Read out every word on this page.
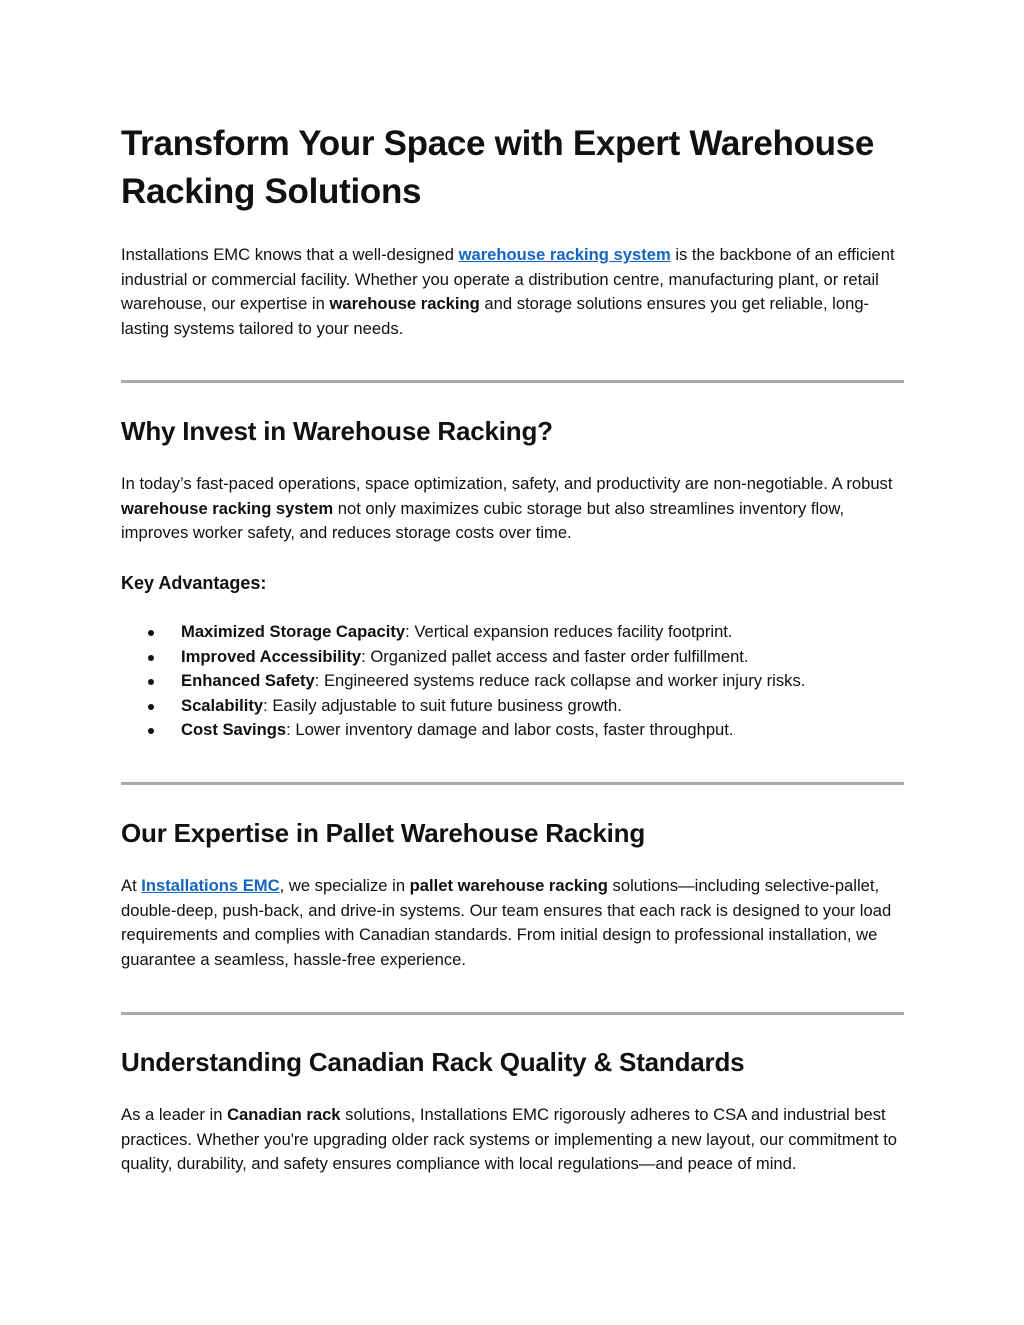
Transform Your Space with Expert Warehouse Racking Solutions

Installations EMC knows that a well-designed warehouse racking system is the backbone of an efficient industrial or commercial facility. Whether you operate a distribution centre, manufacturing plant, or retail warehouse, our expertise in warehouse racking and storage solutions ensures you get reliable, long-lasting systems tailored to your needs.

Why Invest in Warehouse Racking?

In today’s fast-paced operations, space optimization, safety, and productivity are non-negotiable. A robust warehouse racking system not only maximizes cubic storage but also streamlines inventory flow, improves worker safety, and reduces storage costs over time.

Key Advantages:
Maximized Storage Capacity: Vertical expansion reduces facility footprint.
Improved Accessibility: Organized pallet access and faster order fulfillment.
Enhanced Safety: Engineered systems reduce rack collapse and worker injury risks.
Scalability: Easily adjustable to suit future business growth.
Cost Savings: Lower inventory damage and labor costs, faster throughput.
Our Expertise in Pallet Warehouse Racking

At Installations EMC, we specialize in pallet warehouse racking solutions—including selective-pallet, double-deep, push-back, and drive-in systems. Our team ensures that each rack is designed to your load requirements and complies with Canadian standards. From initial design to professional installation, we guarantee a seamless, hassle-free experience.

Understanding Canadian Rack Quality & Standards

As a leader in Canadian rack solutions, Installations EMC rigorously adheres to CSA and industrial best practices. Whether you're upgrading older rack systems or implementing a new layout, our commitment to quality, durability, and safety ensures compliance with local regulations—and peace of mind.
